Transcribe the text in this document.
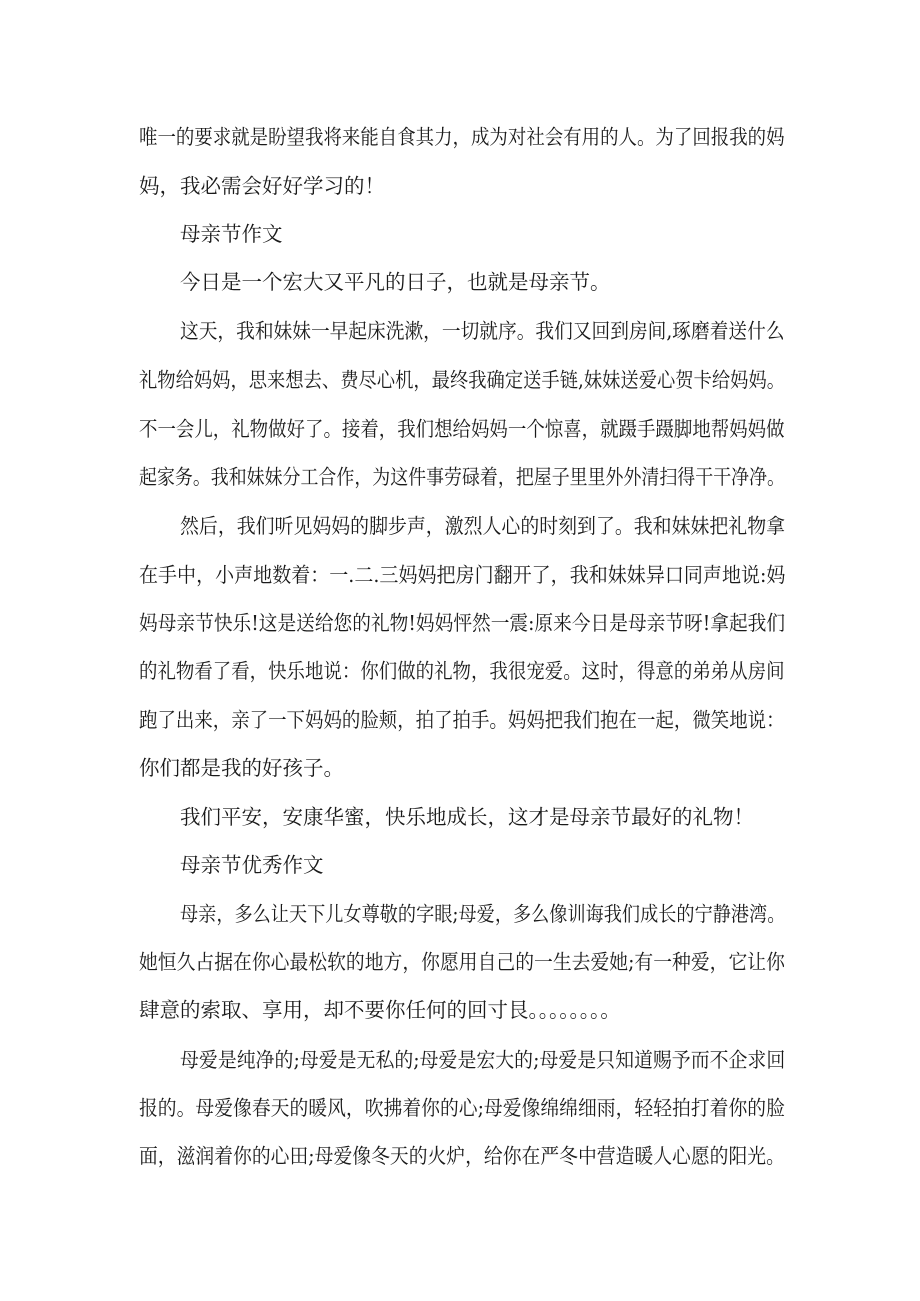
唯一的要求就是盼望我将来能自食其力，成为对社会有用的人。为了回报我的妈

妈，我必需会好好学习的！

母亲节作文

今日是一个宏大又平凡的日子，也就是母亲节。

这天，我和妹妹一早起床洗漱，一切就序。我们又回到房间,琢磨着送什么

礼物给妈妈，思来想去、费尽心机，最终我确定送手链,妹妹送爱心贺卡给妈妈。

不一会儿，礼物做好了。接着，我们想给妈妈一个惊喜，就蹑手蹑脚地帮妈妈做

起家务。我和妹妹分工合作，为这件事劳碌着，把屋子里里外外清扫得干干净净。

然后，我们听见妈妈的脚步声，激烈人心的时刻到了。我和妹妹把礼物拿

在手中，小声地数着：一.二.三妈妈把房门翻开了，我和妹妹异口同声地说:妈

妈母亲节快乐!这是送给您的礼物!妈妈怦然一震:原来今日是母亲节呀!拿起我们

的礼物看了看，快乐地说：你们做的礼物，我很宠爱。这时，得意的弟弟从房间

跑了出来，亲了一下妈妈的脸颊，拍了拍手。妈妈把我们抱在一起，微笑地说：

你们都是我的好孩子。

我们平安，安康华蜜，快乐地成长，这才是母亲节最好的礼物！

母亲节优秀作文

母亲，多么让天下儿女尊敬的字眼;母爱，多么像训诲我们成长的宁静港湾。

她恒久占据在你心最松软的地方，你愿用自己的一生去爱她;有一种爱，它让你

肆意的索取、享用，却不要你任何的回寸艮。。。。。。。。

母爱是纯净的;母爱是无私的;母爱是宏大的;母爱是只知道赐予而不企求回

报的。母爱像春天的暖风，吹拂着你的心;母爱像绵绵细雨，轻轻拍打着你的脸

面，滋润着你的心田;母爱像冬天的火炉，给你在严冬中营造暖人心愿的阳光。
